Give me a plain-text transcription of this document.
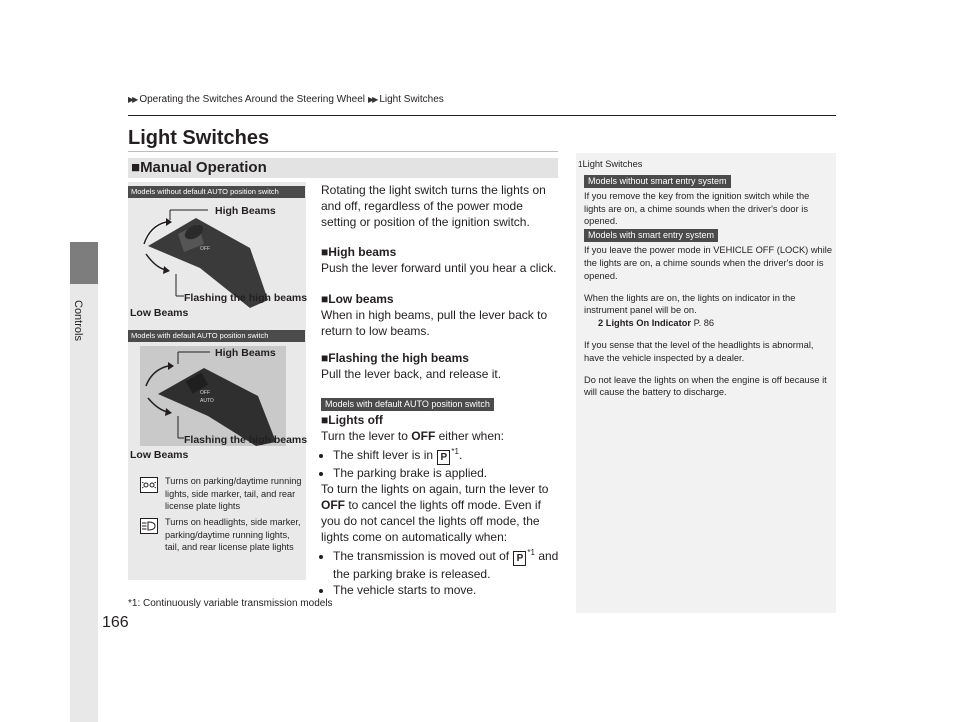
Controls
166
▶▶ Operating the Switches Around the Steering Wheel ▶▶ Light Switches
Light Switches
■Manual Operation
Models without default AUTO position switch
OFF
High Beams
Flashing the high beams
Low Beams
Models with default AUTO position switch
OFF
AUTO
High Beams
Flashing the high beams
Low Beams
Turns on parking/daytime running lights, side marker, tail, and rear license plate lights
Turns on headlights, side marker, parking/daytime running lights, tail, and rear license plate lights
Rotating the light switch turns the lights on and off, regardless of the power mode setting or position of the ignition switch.
■High beams
Push the lever forward until you hear a click.
■Low beams
When in high beams, pull the lever back to return to low beams.
■Flashing the high beams
Pull the lever back, and release it.
Models with default AUTO position switch
■Lights off
Turn the lever to OFF either when:
• The shift lever is in $P^{*1}$.
• The parking brake is applied.
To turn the lights on again, turn the lever to
OFF to cancel the lights off mode. Even if you do not cancel the lights off mode, the lights come on automatically when:
• The transmission is moved out of $P^{*1}$ and the parking brake is released.
• The vehicle starts to move.
*1: Continuously variable transmission models
1Light Switches
Models without smart entry system
If you remove the key from the ignition switch while the lights are on, a chime sounds when the driver's door is opened.
Models with smart entry system
If you leave the power mode in VEHICLE OFF (LOCK) while the lights are on, a chime sounds when the driver's door is opened.
When the lights are on, the lights on indicator in the instrument panel will be on.
2 Lights On Indicator P. 86
If you sense that the level of the headlights is abnormal, have the vehicle inspected by a dealer.
Do not leave the lights on when the engine is off because it will cause the battery to discharge.
